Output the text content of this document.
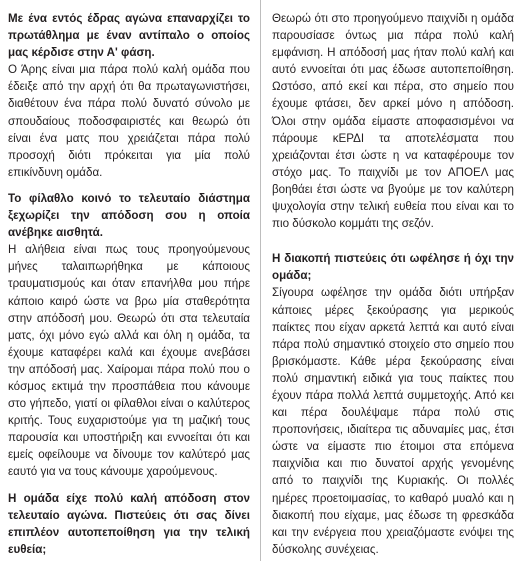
Με ένα εντός έδρας αγώνα επαναρχίζει το πρωτάθλημα με έναν αντίπαλο ο οποίος μας κέρδισε στην Α' φάση.

Ο Άρης είναι μια πάρα πολύ καλή ομάδα που έδειξε από την αρχή ότι θα πρωταγωνιστήσει, διαθέτουν ένα πάρα πολύ δυνατό σύνολο με σπουδαίους ποδοσφαιριστές και θεωρώ ότι είναι ένα ματς που χρειάζεται πάρα πολύ προσοχή διότι πρόκειται για μία πολύ επικίνδυνη ομάδα.

Το φίλαθλο κοινό το τελευταίο διάστημα ξεχωρίζει την απόδοση σου η οποία ανέβηκε αισθητά.

Η αλήθεια είναι πως τους προηγούμενους μήνες ταλαιπωρήθηκα με κάποιους τραυματισμούς και όταν επανήλθα μου πήρε κάποιο καιρό ώστε να βρω μία σταθερότητα στην απόδοσή μου. Θεωρώ ότι στα τελευταία ματς, όχι μόνο εγώ αλλά και όλη η ομάδα, τα έχουμε καταφέρει καλά και έχουμε ανεβάσει την απόδοσή μας. Χαίρομαι πάρα πολύ που ο κόσμος εκτιμά την προσπάθεια που κάνουμε στο γήπεδο, γιατί οι φίλαθλοι είναι ο καλύτερος κριτής. Τους ευχαριστούμε για τη μαζική τους παρουσία και υποστήριξη και εννοείται ότι και εμείς οφείλουμε να δίνουμε τον καλύτερό μας εαυτό για να τους κάνουμε χαρούμενους.

Η ομάδα είχε πολύ καλή απόδοση στον τελευταίο αγώνα. Πιστεύεις ότι σας δίνει επιπλέον αυτοπεποίθηση για την τελική ευθεία;

Θεωρώ ότι στο προηγούμενο παιχνίδι η ομάδα παρουσίασε όντως μια πάρα πολύ καλή εμφάνιση. Η απόδοσή μας ήταν πολύ καλή και αυτό εννοείται ότι μας έδωσε αυτοπεποίθηση. Ωστόσο, από εκεί και πέρα, στο σημείο που έχουμε φτάσει, δεν αρκεί μόνο η απόδοση. Όλοι στην ομάδα είμαστε αποφασισμένοι να πάρουμε κΕΡΔΙ τα αποτελέσματα που χρειάζονται έτσι ώστε η να καταφέρουμε τον στόχο μας. Το παιχνίδι με τον ΑΠΟΕΛ μας βοηθάει έτσι ώστε να βγούμε με τον καλύτερη ψυχολογία στην τελική ευθεία που είναι και το πιο δύσκολο κομμάτι της σεζόν.

Η διακοπή πιστεύεις ότι ωφέλησε ή όχι την ομάδα;

Σίγουρα ωφέλησε την ομάδα διότι υπήρξαν κάποιες μέρες ξεκούρασης για μερικούς παίκτες που είχαν αρκετά λεπτά και αυτό είναι πάρα πολύ σημαντικό στοιχείο στο σημείο που βρισκόμαστε. Κάθε μέρα ξεκούρασης είναι πολύ σημαντική ειδικά για τους παίκτες που έχουν πάρα πολλά λεπτά συμμετοχής. Από κει και πέρα δουλέψαμε πάρα πολύ στις προπονήσεις, ιδιαίτερα τις αδυναμίες μας, έτσι ώστε να είμαστε πιο έτοιμοι στα επόμενα παιχνίδια και πιο δυνατοί αρχής γενομένης από το παιχνίδι της Κυριακής. Οι πολλές ημέρες προετοιμασίας, το καθαρό μυαλό και η διακοπή που είχαμε, μας έδωσε τη φρεσκάδα και την ενέργεια που χρειαζόμαστε ενόψει της δύσκολης συνέχειας.
